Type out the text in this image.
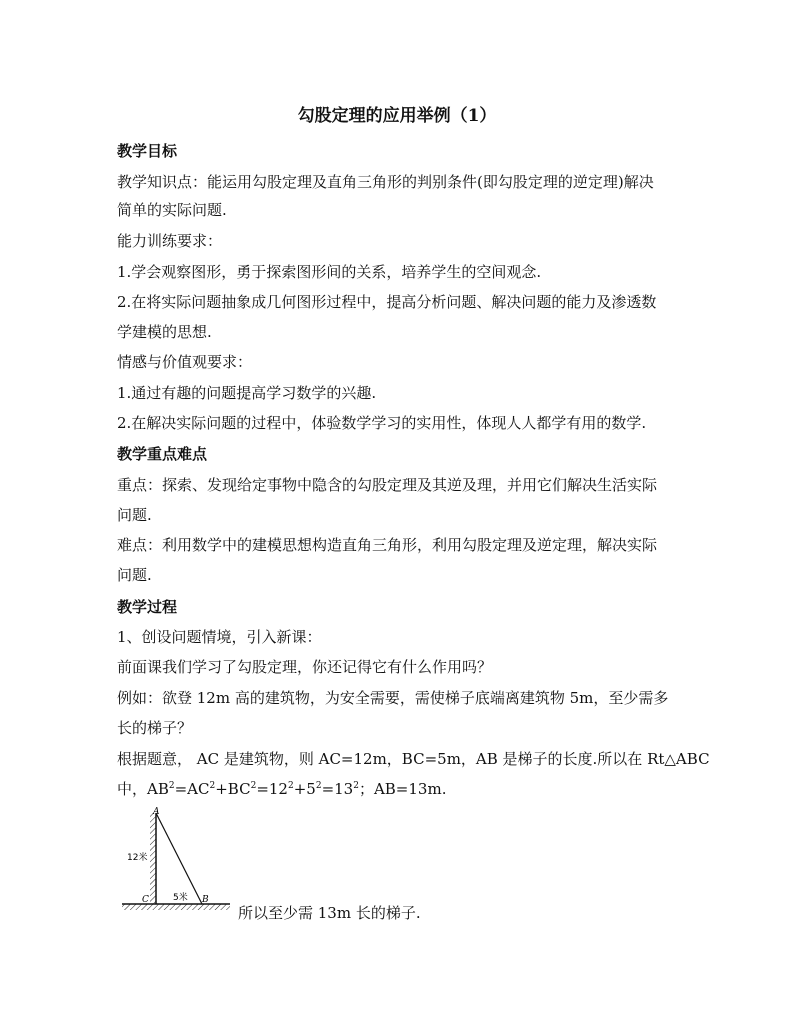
勾股定理的应用举例（1）
教学目标
教学知识点：能运用勾股定理及直角三角形的判别条件(即勾股定理的逆定理)解决
简单的实际问题.
能力训练要求：
1.学会观察图形，勇于探索图形间的关系，培养学生的空间观念.
2.在将实际问题抽象成几何图形过程中，提高分析问题、解决问题的能力及渗透数
学建模的思想.
情感与价值观要求：
1.通过有趣的问题提高学习数学的兴趣.
2.在解决实际问题的过程中，体验数学学习的实用性，体现人人都学有用的数学.
教学重点难点
重点：探索、发现给定事物中隐含的勾股定理及其逆及理，并用它们解决生活实际
问题.
难点：利用数学中的建模思想构造直角三角形，利用勾股定理及逆定理，解决实际
问题.
教学过程
1、创设问题情境，引入新课：
前面课我们学习了勾股定理，你还记得它有什么作用吗？
例如：欲登 12m 高的建筑物，为安全需要，需使梯子底端离建筑物 5m，至少需多
长的梯子？
根据题意， AC 是建筑物，则 AC=12m，BC=5m，AB 是梯子的长度.所以在 Rt△ABC
中，$AB^2=AC^2+BC^2=12^2+5^2=13^2$；AB=13m.
A
C	B
12米
5米
所以至少需 13m 长的梯子.
